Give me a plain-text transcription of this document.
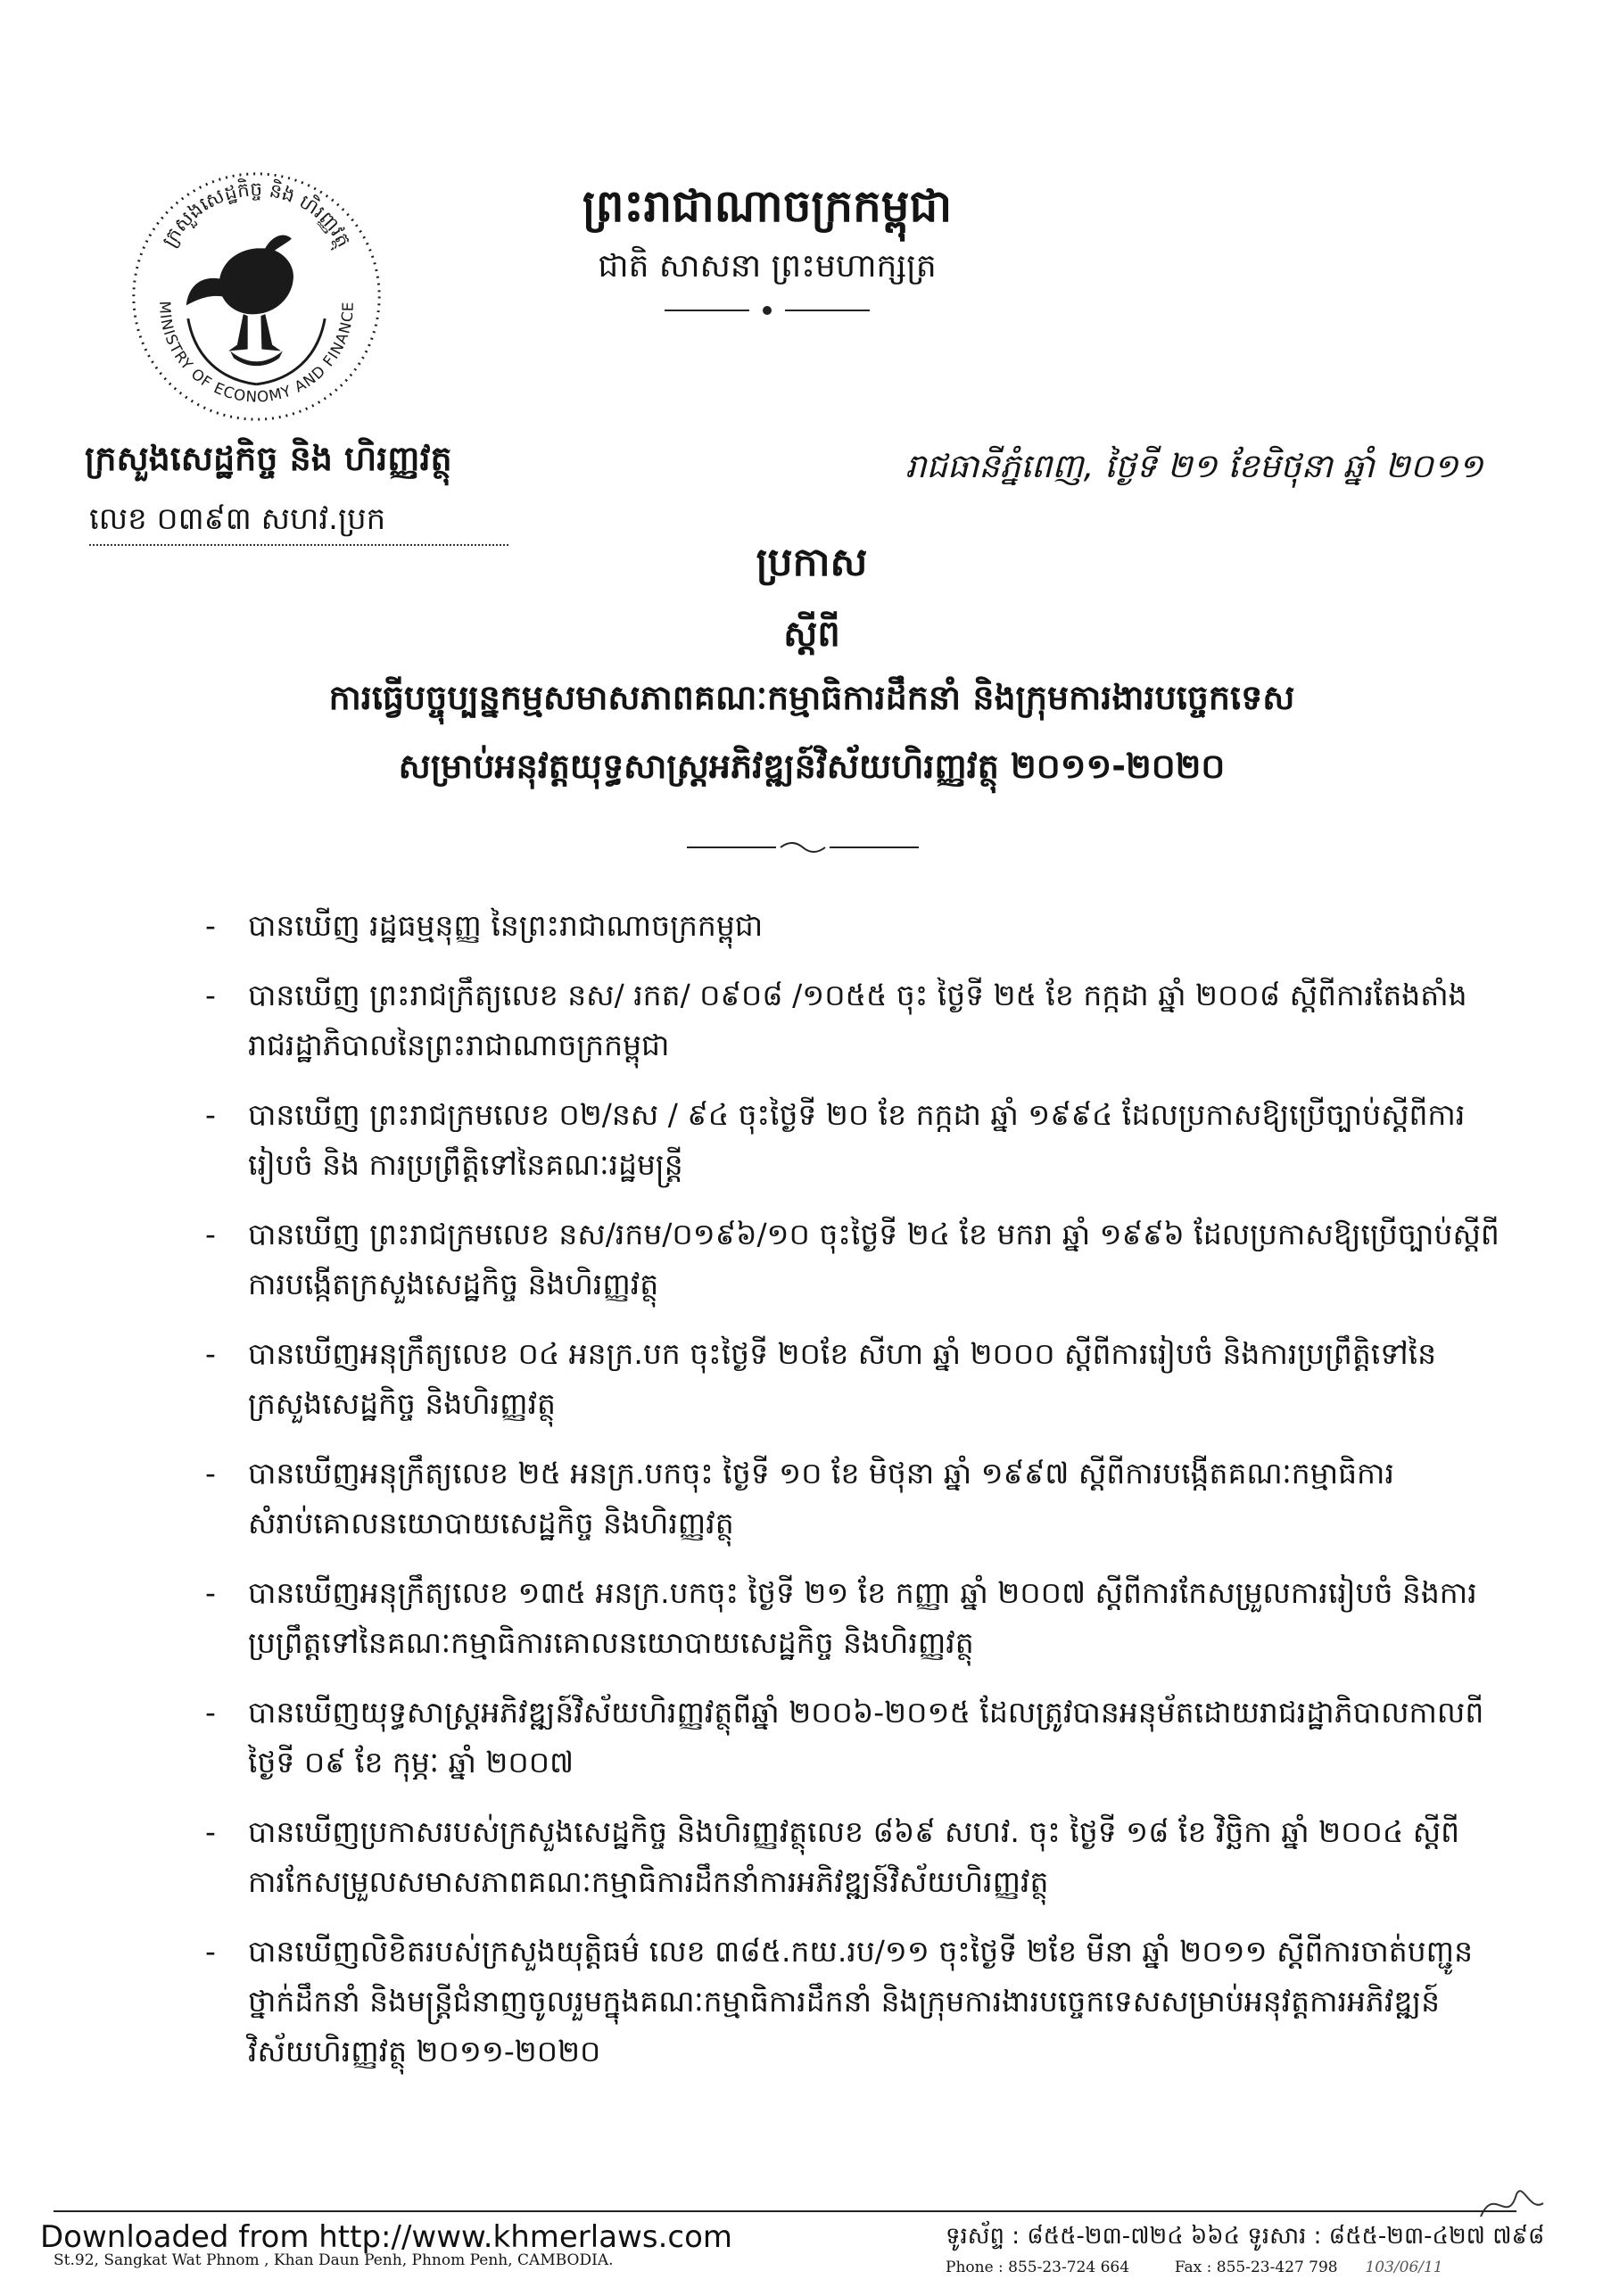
MINISTRY OF ECONOMY AND FINANCE
ក្រសួងសេដ្ឋកិច្ច និង ហិរញ្ញវត្ថុ
ព្រះរាជាណាចក្រកម្ពុជា
ជាតិ សាសនា ព្រះមហាក្សត្រ
ក្រសួងសេដ្ឋកិច្ច និង ហិរញ្ញវត្ថុ
លេខ ០៣៩៣ សហវ.ប្រក
រាជធានីភ្នំពេញ, ថ្ងៃទី ២១ ខែមិថុនា ឆ្នាំ ២០១១
ប្រកាស
ស្តីពី
ការធ្វើបច្ចុប្បន្នកម្មសមាសភាពគណៈកម្មាធិការដឹកនាំ និងក្រុមការងារបច្ចេកទេស
សម្រាប់អនុវត្តយុទ្ធសាស្ត្រអភិវឌ្ឍន៍វិស័យហិរញ្ញវត្ថុ ២០១១-២០២០
- បានឃើញ រដ្ឋធម្មនុញ្ញ នៃព្រះរាជាណាចក្រកម្ពុជា
- បានឃើញ ព្រះរាជក្រឹត្យលេខ នស/ រកត/ ០៩០៨ /១០៥៥ ចុះ ថ្ងៃទី ២៥ ខែ កក្កដា ឆ្នាំ ២០០៨ ស្តីពីការតែងតាំងរាជរដ្ឋាភិបាលនៃព្រះរាជាណាចក្រកម្ពុជា
- បានឃើញ ព្រះរាជក្រមលេខ ០២/នស / ៩៤ ចុះថ្ងៃទី ២០ ខែ កក្កដា ឆ្នាំ ១៩៩៤ ដែលប្រកាសឱ្យប្រើច្បាប់ស្តីពីការរៀបចំ និង ការប្រព្រឹត្តិទៅនៃគណៈរដ្ឋមន្ត្រី
- បានឃើញ ព្រះរាជក្រមលេខ នស/រកម/០១៩៦/១០ ចុះថ្ងៃទី ២៤ ខែ មករា ឆ្នាំ ១៩៩៦ ដែលប្រកាសឱ្យប្រើច្បាប់ស្តីពីការបង្កើតក្រសួងសេដ្ឋកិច្ច និងហិរញ្ញវត្ថុ
- បានឃើញអនុក្រឹត្យលេខ ០៤ អនក្រ.បក ចុះថ្ងៃទី ២០ខែ សីហា ឆ្នាំ ២០០០ ស្តីពីការរៀបចំ និងការប្រព្រឹត្តិទៅនៃក្រសួងសេដ្ឋកិច្ច និងហិរញ្ញវត្ថុ
- បានឃើញអនុក្រឹត្យលេខ ២៥ អនក្រ.បកចុះ ថ្ងៃទី ១០ ខែ មិថុនា ឆ្នាំ ១៩៩៧ ស្តីពីការបង្កើតគណៈកម្មាធិការសំរាប់គោលនយោបាយសេដ្ឋកិច្ច និងហិរញ្ញវត្ថុ
- បានឃើញអនុក្រឹត្យលេខ ១៣៥ អនក្រ.បកចុះ ថ្ងៃទី ២១ ខែ កញ្ញា ឆ្នាំ ២០០៧ ស្តីពីការកែសម្រួលការរៀបចំ និងការប្រព្រឹត្តទៅនៃគណៈកម្មាធិការគោលនយោបាយសេដ្ឋកិច្ច និងហិរញ្ញវត្ថុ
- បានឃើញយុទ្ធសាស្ត្រអភិវឌ្ឍន៍វិស័យហិរញ្ញវត្ថុពីឆ្នាំ ២០០៦-២០១៥ ដែលត្រូវបានអនុម័តដោយរាជរដ្ឋាភិបាលកាលពីថ្ងៃទី ០៩ ខែ កុម្ភៈ ឆ្នាំ ២០០៧
- បានឃើញប្រកាសរបស់ក្រសួងសេដ្ឋកិច្ច និងហិរញ្ញវត្ថុលេខ ៨៦៩ សហវ. ចុះ ថ្ងៃទី ១៨ ខែ វិច្ឆិកា ឆ្នាំ ២០០៤ ស្តីពីការកែសម្រួលសមាសភាពគណៈកម្មាធិការដឹកនាំការអភិវឌ្ឍន៍វិស័យហិរញ្ញវត្ថុ
- បានឃើញលិខិតរបស់ក្រសួងយុត្តិធម៌ លេខ ៣៨៥.កយ.រប/១១ ចុះថ្ងៃទី ២ខែ មីនា ឆ្នាំ ២០១១ ស្តីពីការចាត់បញ្ជូនថ្នាក់ដឹកនាំ និងមន្ត្រីជំនាញចូលរួមក្នុងគណៈកម្មាធិការដឹកនាំ និងក្រុមការងារបច្ចេកទេសសម្រាប់អនុវត្តការអភិវឌ្ឍន៍វិស័យហិរញ្ញវត្ថុ ២០១១-២០២០
St.92, Sangkat Wat Phnom , Khan Daun Penh, Phnom Penh, CAMBODIA.
ទូរស័ព្ទ : ៨៥៥-២៣-៧២៤ ៦៦៤ ទូរសារ : ៨៥៥-២៣-៤២៧ ៧៩៨
Phone : 855-23-724 664	Fax : 855-23-427 798 103/06/11
Downloaded from http://www.khmerlaws.com
